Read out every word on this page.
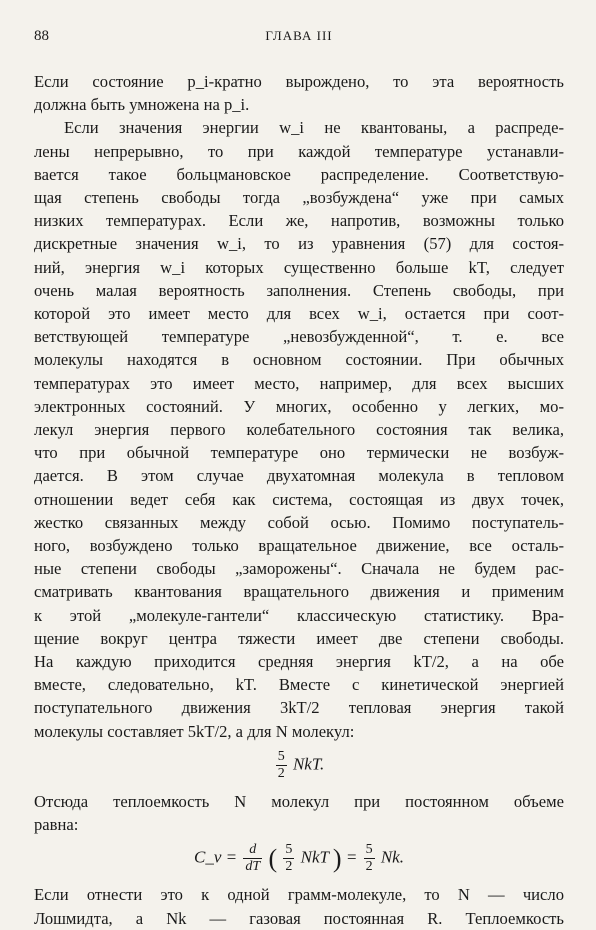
88	ГЛАВА III
Если состояние p_i-кратно вырождено, то эта вероятность
должна быть умножена на p_i.
Если значения энергии w_i не квантованы, а распреде-
лены непрерывно, то при каждой температуре устанавли-
вается такое больцмановское распределение. Соответствую-
щая степень свободы тогда „возбуждена“ уже при самых
низких температурах. Если же, напротив, возможны только
дискретные значения w_i, то из уравнения (57) для состоя-
ний, энергия w_i которых существенно больше kT, следует
очень малая вероятность заполнения. Степень свободы, при
которой это имеет место для всех w_i, остается при соот-
ветствующей температуре „невозбужденной“, т. е. все
молекулы находятся в основном состоянии. При обычных
температурах это имеет место, например, для всех высших
электронных состояний. У многих, особенно у легких, мо-
лекул энергия первого колебательного состояния так велика,
что при обычной температуре оно термически не возбуж-
дается. В этом случае двухатомная молекула в тепловом
отношении ведет себя как система, состоящая из двух точек,
жестко связанных между собой осью. Помимо поступатель-
ного, возбуждено только вращательное движение, все осталь-
ные степени свободы „заморожены“. Сначала не будем рас-
сматривать квантования вращательного движения и применим
к этой „молекуле-гантели“ классическую статистику. Вра-
щение вокруг центра тяжести имеет две степени свободы.
На каждую приходится средняя энергия kT/2, а на обе
вместе, следовательно, kT. Вместе с кинетической энергией
поступательного движения 3kT/2 тепловая энергия такой
молекулы составляет 5kT/2, а для N молекул:
$\frac{5}{2}$ NkT.
Отсюда теплоемкость N молекул при постоянном объеме
равна:
C_v = $\frac{d}{dT}$ ( $\frac{5}{2}$ NkT ) = $\frac{5}{2} Nk$.
Если отнести это к одной грамм-молекуле, то N — число
Лошмидта, а Nk — газовая постоянная R. Теплоемкость
